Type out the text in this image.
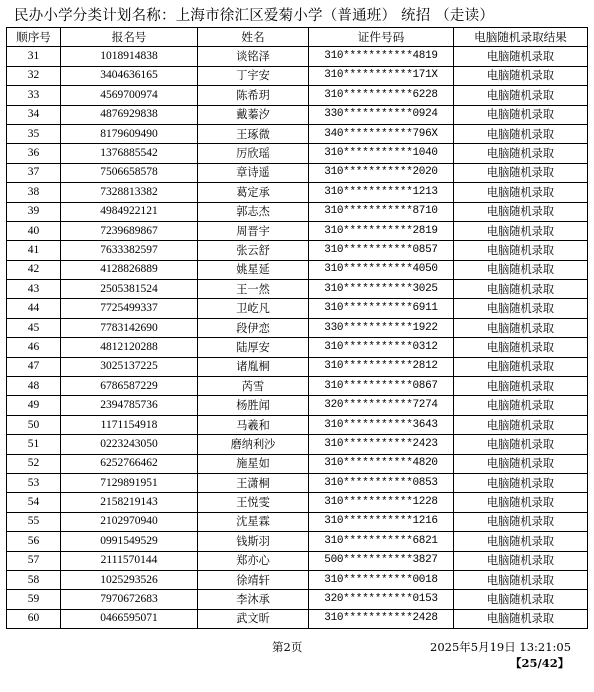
民办小学分类计划名称：上海市徐汇区爱菊小学（普通班） 统招 （走读）
顺序号	报名号	姓名	证件号码	电脑随机录取结果
31	1018914838	谈铭泽	310***********4819	电脑随机录取
32	3404636165	丁宇安	310***********171X	电脑随机录取
33	4569700974	陈希玥	310***********6228	电脑随机录取
34	4876929838	戴蓁汐	330***********0924	电脑随机录取
35	8179609490	王琢微	340***********796X	电脑随机录取
36	1376885542	厉欣瑶	310***********1040	电脑随机录取
37	7506658578	章诗遥	310***********2020	电脑随机录取
38	7328813382	葛定承	310***********1213	电脑随机录取
39	4984922121	郭志杰	310***********8710	电脑随机录取
40	7239689867	周晋宇	310***********2819	电脑随机录取
41	7633382597	张云舒	310***********0857	电脑随机录取
42	4128826889	姚星延	310***********4050	电脑随机录取
43	2505381524	王一然	310***********3025	电脑随机录取
44	7725499337	卫屹凡	310***********6911	电脑随机录取
45	7783142690	段伊恋	330***********1922	电脑随机录取
46	4812120288	陆厚安	310***********0312	电脑随机录取
47	3025137225	诸胤桐	310***********2812	电脑随机录取
48	6786587229	芮雪	310***********0867	电脑随机录取
49	2394785736	杨胜闻	320***********7274	电脑随机录取
50	1171154918	马羲和	310***********3643	电脑随机录取
51	0223243050	磨纳利沙	310***********2423	电脑随机录取
52	6252766462	施星如	310***********4820	电脑随机录取
53	7129891951	王潇桐	310***********0853	电脑随机录取
54	2158219143	王悦雯	310***********1228	电脑随机录取
55	2102970940	沈星霖	310***********1216	电脑随机录取
56	0991549529	钱斯羽	310***********6821	电脑随机录取
57	2111570144	郑亦心	500***********3827	电脑随机录取
58	1025293526	徐靖轩	310***********0018	电脑随机录取
59	7970672683	李沐承	320***********0153	电脑随机录取
60	0466595071	武文昕	310***********2428	电脑随机录取
第2页	2025年5月19日 13:21:05
【25/42】
